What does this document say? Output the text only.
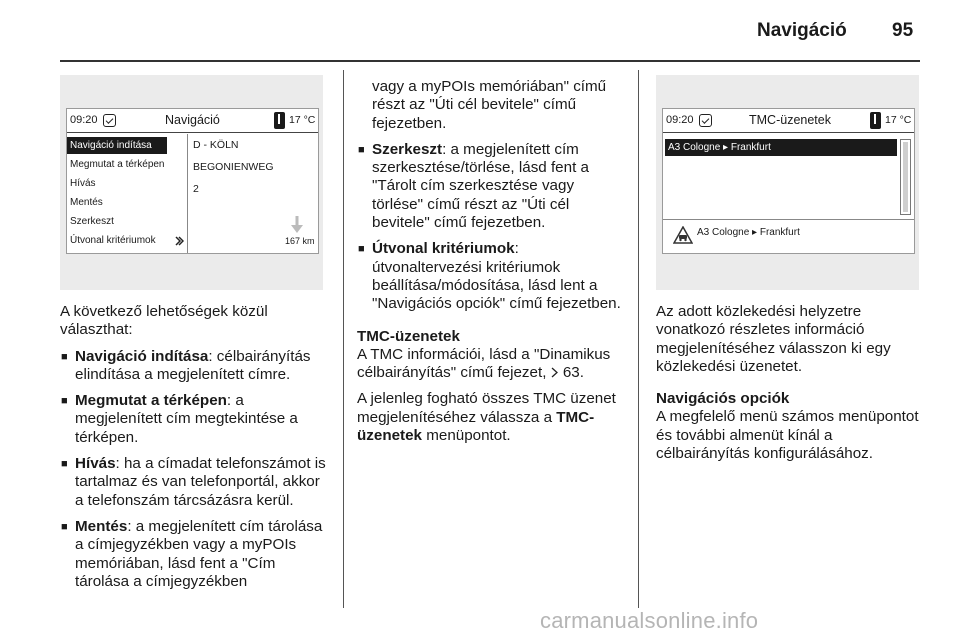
Navigáció 95
09:20	Navigáció	17 °C
Navigáció indítása
Megmutat a térképen
Hívás
Mentés
Szerkeszt
Útvonal kritériumok
D - KÖLN
BEGONIENWEG
2
167 km

A következő lehetőségek közül választhat:

■ Navigáció indítása: célbairányítás elindítása a megjelenített címre.

■ Megmutat a térképen: a megjelenített cím megtekintése a térképen.

■ Hívás: ha a címadat telefonszámot is tartalmaz és van telefonportál, akkor a telefonszám tárcsázásra kerül.

■ Mentés: a megjelenített cím tárolása a címjegyzékben vagy a myPOIs memóriában, lásd fent a "Cím tárolása a címjegyzékben

vagy a myPOIs memóriában" című részt az "Úti cél bevitele" című fejezetben.

■ Szerkeszt: a megjelenített cím szerkesztése/törlése, lásd fent a "Tárolt cím szerkesztése vagy törlése" című részt az "Úti cél bevitele" című fejezetben.

■ Útvonal kritériumok: útvonaltervezési kritériumok beállítása/módosítása, lásd lent a "Navigációs opciók" című fejezetben.

TMC-üzenetek

A TMC információi, lásd a "Dinamikus célbairányítás" című fejezet,  63.

A jelenleg fogható összes TMC üzenet megjelenítéséhez válassza a TMC-üzenetek menüpontot.

09:20	TMC-üzenetek	17 °C
A3 Cologne ▸ Frankfurt
A3 Cologne ▸ Frankfurt

Az adott közlekedési helyzetre vonatkozó részletes információ megjelenítéséhez válasszon ki egy közlekedési üzenetet.

Navigációs opciók

A megfelelő menü számos menüpontot és további almenüt kínál a célbairányítás konfigurálásához.

carmanualsonline.info
